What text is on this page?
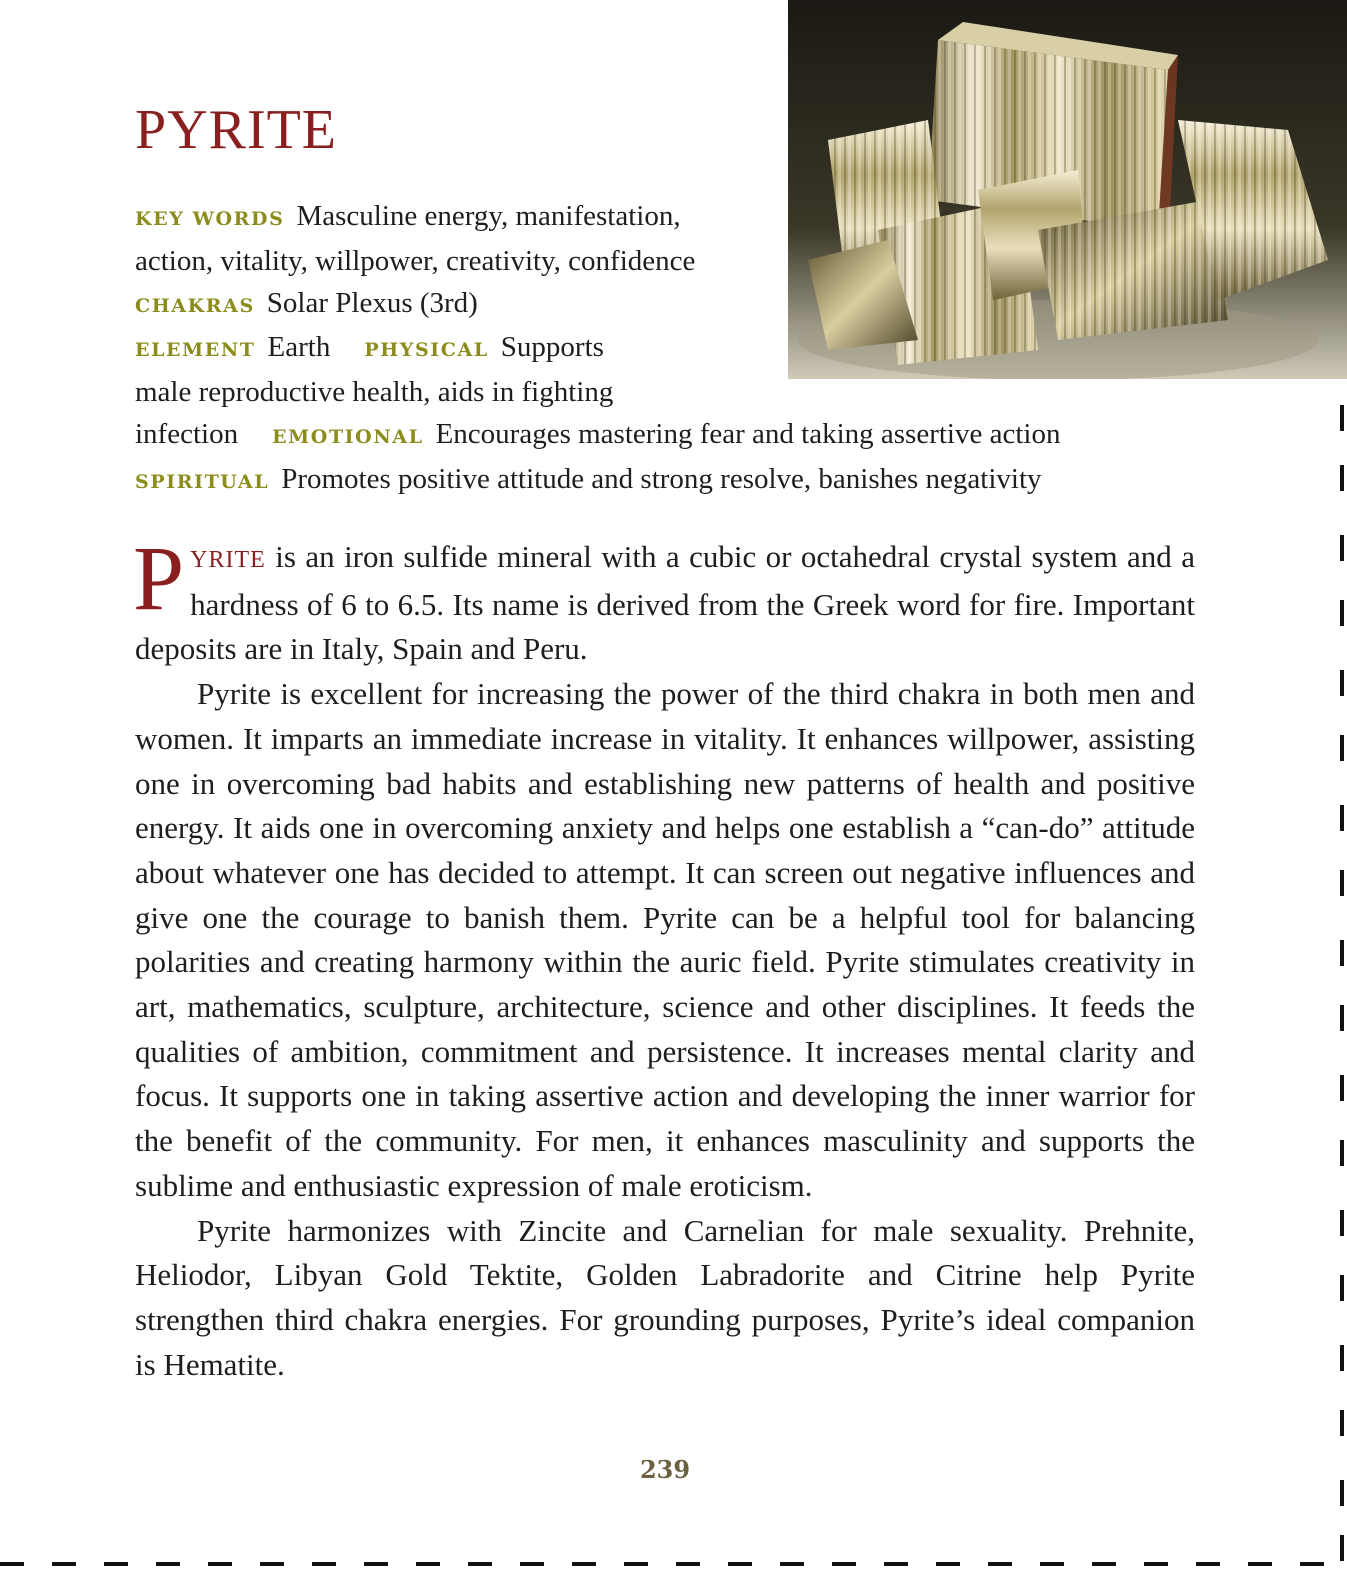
PYRITE
KEY WORDS Masculine energy, manifestation,
action, vitality, willpower, creativity, confidence
CHAKRAS Solar Plexus (3rd)
ELEMENT Earth PHYSICAL Supports
male reproductive health, aids in fighting
infection EMOTIONAL Encourages mastering fear and taking assertive action
SPIRITUAL Promotes positive attitude and strong resolve, banishes negativity

PYRITE is an iron sulfide mineral with a cubic or octahedral crystal system and a hardness of 6 to 6.5. Its name is derived from the Greek word for fire. Important deposits are in Italy, Spain and Peru.

Pyrite is excellent for increasing the power of the third chakra in both men and women. It imparts an immediate increase in vitality. It enhances willpower, assisting one in overcoming bad habits and establishing new patterns of health and positive energy. It aids one in overcoming anxiety and helps one establish a “can-do” attitude about whatever one has decided to attempt. It can screen out negative influences and give one the courage to banish them. Pyrite can be a helpful tool for balancing polarities and creating harmony within the auric field. Pyrite stimulates creativity in art, mathematics, sculpture, architecture, science and other disciplines. It feeds the qualities of ambition, commitment and persistence. It increases mental clarity and focus. It supports one in taking assertive action and developing the inner warrior for the benefit of the community. For men, it enhances masculinity and supports the sublime and enthusiastic expression of male eroticism.

Pyrite harmonizes with Zincite and Carnelian for male sexuality. Prehnite, Heliodor, Libyan Gold Tektite, Golden Labradorite and Citrine help Pyrite strengthen third chakra energies. For grounding purposes, Pyrite’s ideal companion is Hematite.

239
